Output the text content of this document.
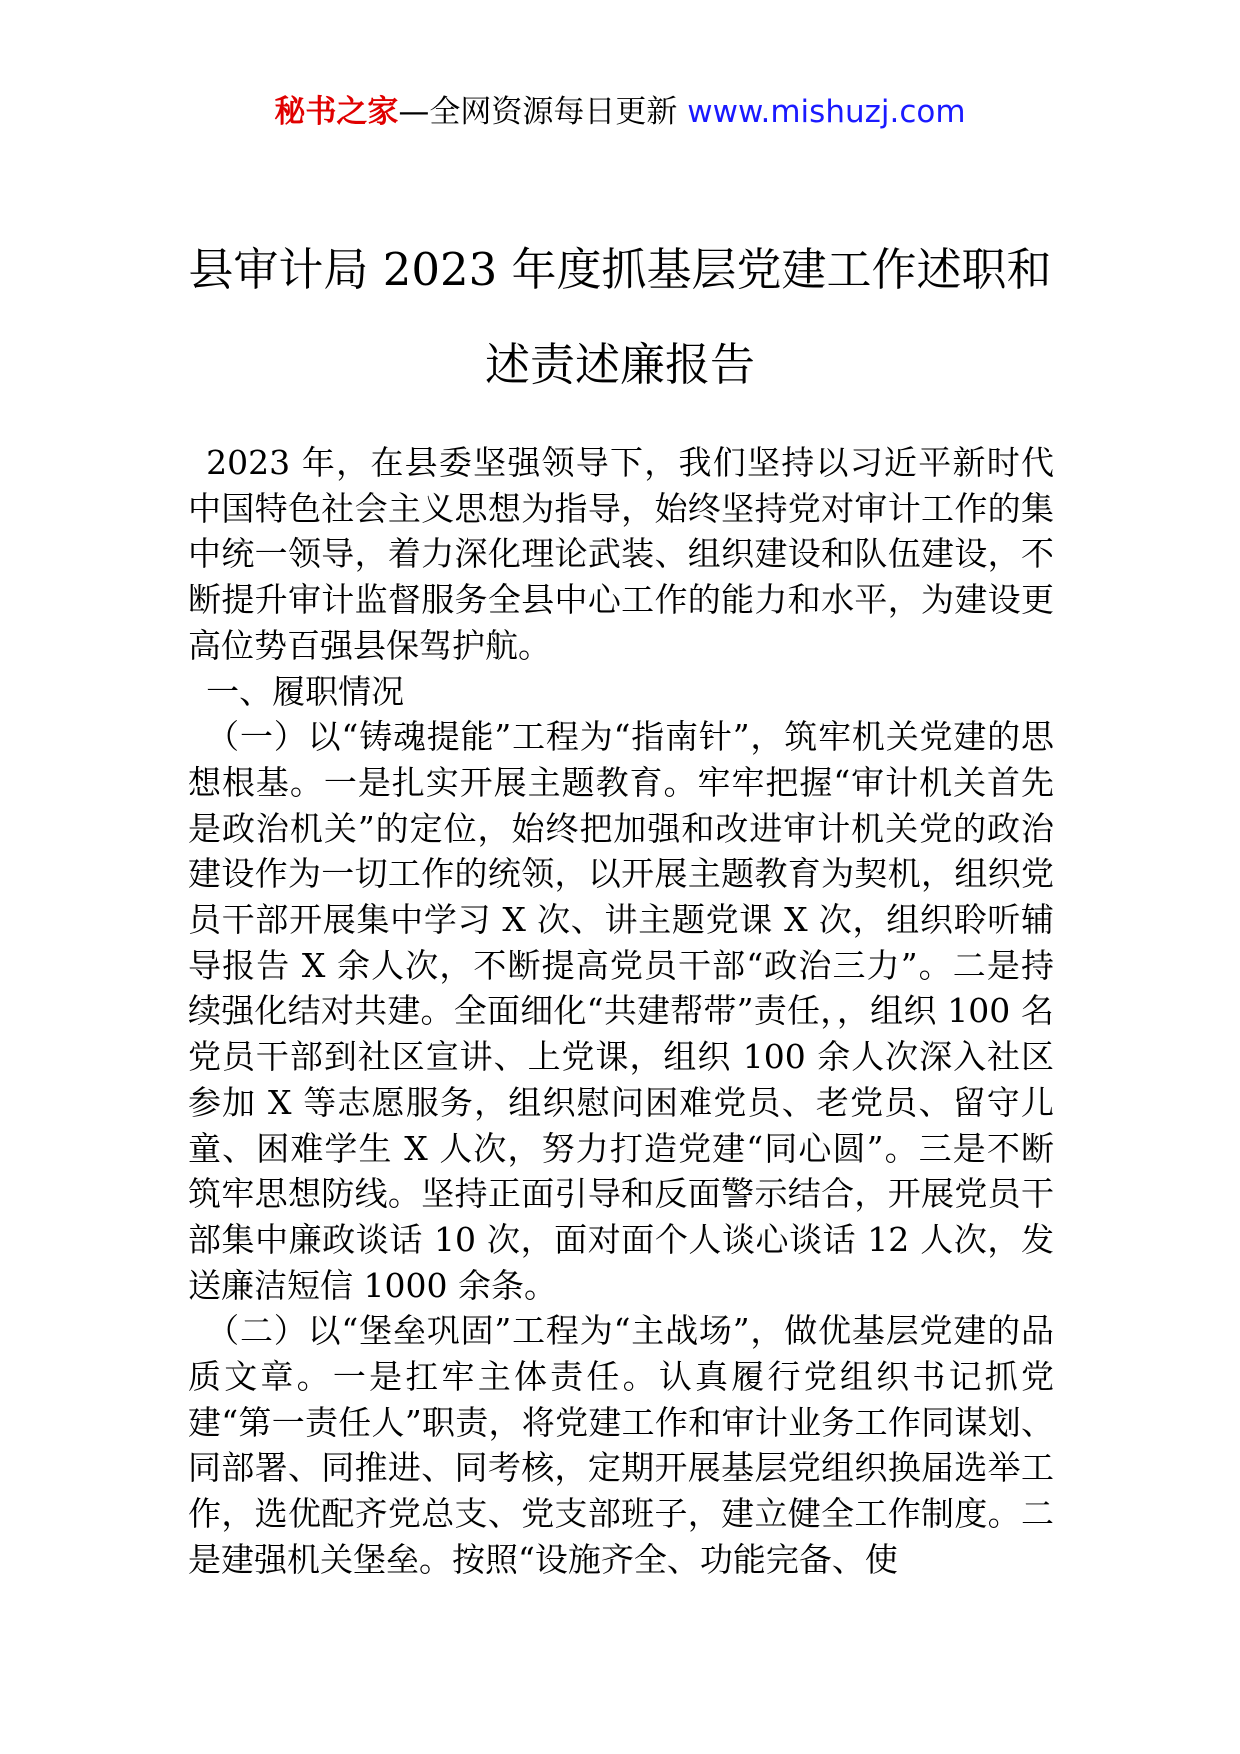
秘书之家—全网资源每日更新 www.mishuzj.com
县审计局 2023 年度抓基层党建工作述职和
述责述廉报告

2023 年，在县委坚强领导下，我们坚持以习近平新时代中国特色社会主义思想为指导，始终坚持党对审计工作的集中统一领导，着力深化理论武装、组织建设和队伍建设，不断提升审计监督服务全县中心工作的能力和水平，为建设更高位势百强县保驾护航。

一、履职情况

（一）以“铸魂提能”工程为“指南针”，筑牢机关党建的思想根基。一是扎实开展主题教育。牢牢把握“审计机关首先是政治机关”的定位，始终把加强和改进审计机关党的政治建设作为一切工作的统领，以开展主题教育为契机，组织党员干部开展集中学习 X 次、讲主题党课 X 次，组织聆听辅导报告 X 余人次，不断提高党员干部“政治三力”。二是持续强化结对共建。全面细化“共建帮带”责任，，组织 100 名党员干部到社区宣讲、上党课，组织 100 余人次深入社区参加 X 等志愿服务，组织慰问困难党员、老党员、留守儿童、困难学生 X 人次，努力打造党建“同心圆”。三是不断筑牢思想防线。坚持正面引导和反面警示结合，开展党员干部集中廉政谈话 10 次，面对面个人谈心谈话 12 人次，发送廉洁短信 1000 余条。

（二）以“堡垒巩固”工程为“主战场”，做优基层党建的品质文章。一是扛牢主体责任。认真履行党组织书记抓党建“第一责任人”职责，将党建工作和审计业务工作同谋划、同部署、同推进、同考核，定期开展基层党组织换届选举工作，选优配齐党总支、党支部班子，建立健全工作制度。二是建强机关堡垒。按照“设施齐全、功能完备、使
